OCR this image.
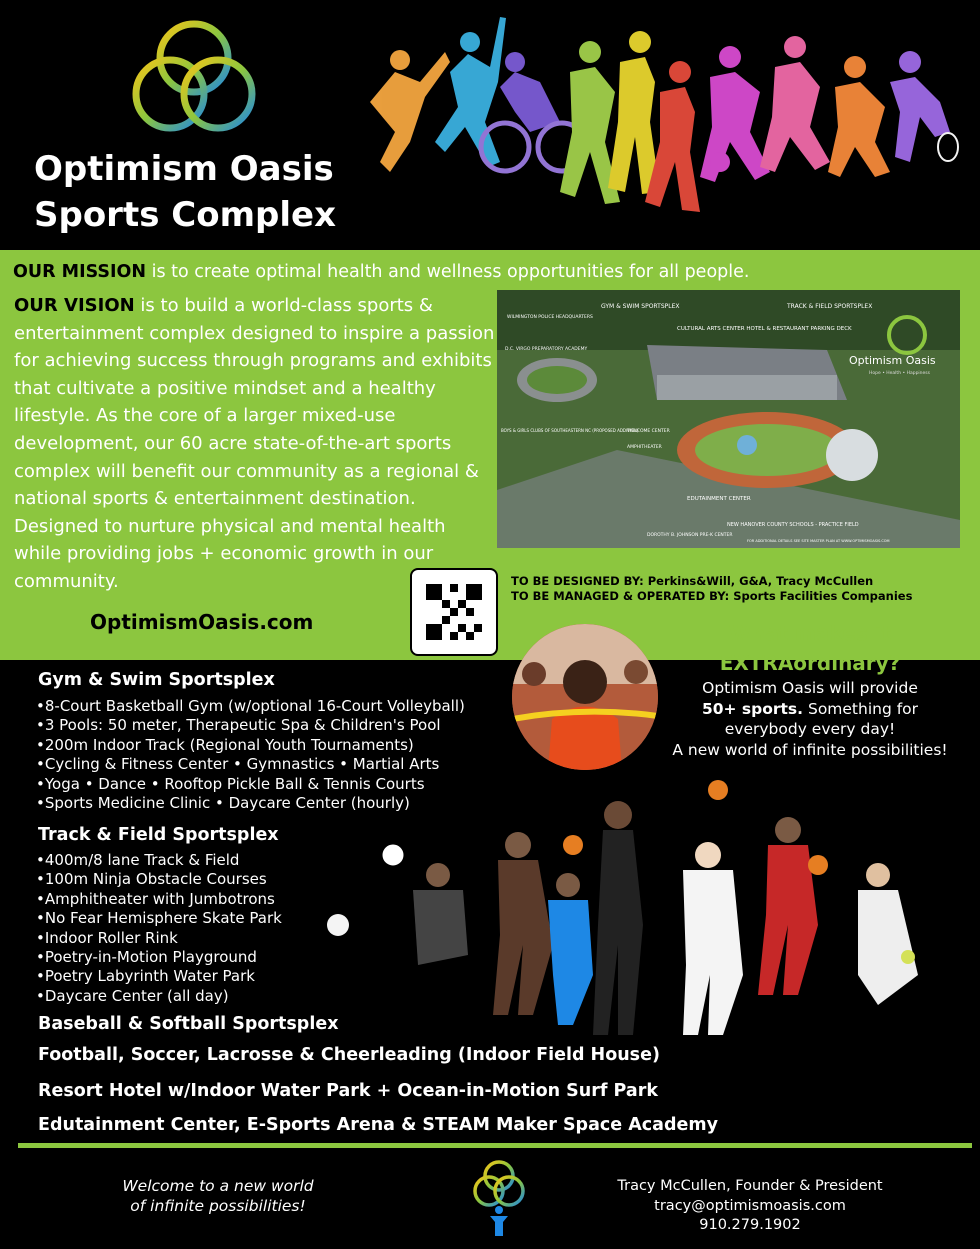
Optimism Oasis
Sports Complex
OUR MISSION is to create optimal health and wellness opportunities for all people.
OUR VISION is to build a world-class sports & entertainment complex designed to inspire a passion for achieving success through programs and exhibits that cultivate a positive mindset and a healthy lifestyle. As the core of a larger mixed-use development, our 60 acre state-of-the-art sports complex will benefit our community as a regional & national sports & entertainment destination. Designed to nurture physical and mental health while providing jobs + economic growth in our community.
GYM & SWIM SPORTSPLEX	TRACK & FIELD SPORTSPLEX
CULTURAL ARTS CENTER HOTEL & RESTAURANT PARKING DECK
WILMINGTON POLICE HEADQUARTERS
D.C. VIRGO PREPARATORY ACADEMY
WELCOME CENTER
AMPHITHEATER
BOYS & GIRLS CLUBS OF SOUTHEASTERN NC (PROPOSED ADDITION)
EDUTAINMENT CENTER
NEW HANOVER COUNTY SCHOOLS - PRACTICE FIELD
DOROTHY B. JOHNSON PRE-K CENTER
FOR ADDITIONAL DETAILS SEE SITE MASTER PLAN AT WWW.OPTIMISMOASIS.COM
Optimism Oasis
Hope • Health • Happiness
OptimismOasis.com
TO BE DESIGNED BY: Perkins&Will, G&A, Tracy McCullen
TO BE MANAGED & OPERATED BY: Sports Facilities Companies
What makes it
EXTRAordinary?
Optimism Oasis will provide
50+ sports. Something for
everybody every day!
A new world of infinite possibilities!
Gym & Swim Sportsplex
• 8-Court Basketball Gym (w/optional 16-Court Volleyball)
• 3 Pools: 50 meter, Therapeutic Spa & Children's Pool
• 200m Indoor Track (Regional Youth Tournaments)
• Cycling & Fitness Center • Gymnastics • Martial Arts
• Yoga • Dance • Rooftop Pickle Ball & Tennis Courts
• Sports Medicine Clinic • Daycare Center (hourly)
Track & Field Sportsplex
• 400m/8 lane Track & Field
• 100m Ninja Obstacle Courses
• Amphitheater with Jumbotrons
• No Fear Hemisphere Skate Park
• Indoor Roller Rink
• Poetry-in-Motion Playground
• Poetry Labyrinth Water Park
• Daycare Center (all day)
Baseball & Softball Sportsplex
Football, Soccer, Lacrosse & Cheerleading (Indoor Field House)
Resort Hotel w/Indoor Water Park + Ocean-in-Motion Surf Park
Edutainment Center, E-Sports Arena & STEAM Maker Space Academy
Welcome to a new world
of infinite possibilities!
Tracy McCullen, Founder & President
tracy@optimismoasis.com
910.279.1902
